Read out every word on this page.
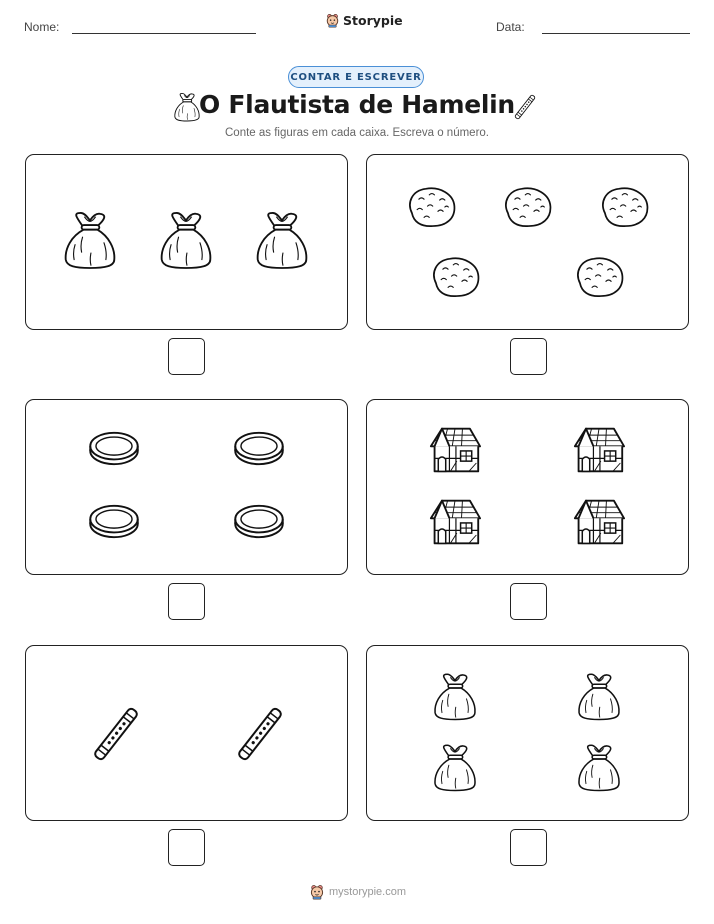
Nome:	Storypie	Data:
CONTAR E ESCREVER
O Flautista de Hamelin
Conte as figuras em cada caixa. Escreva o número.
mystorypie.com
